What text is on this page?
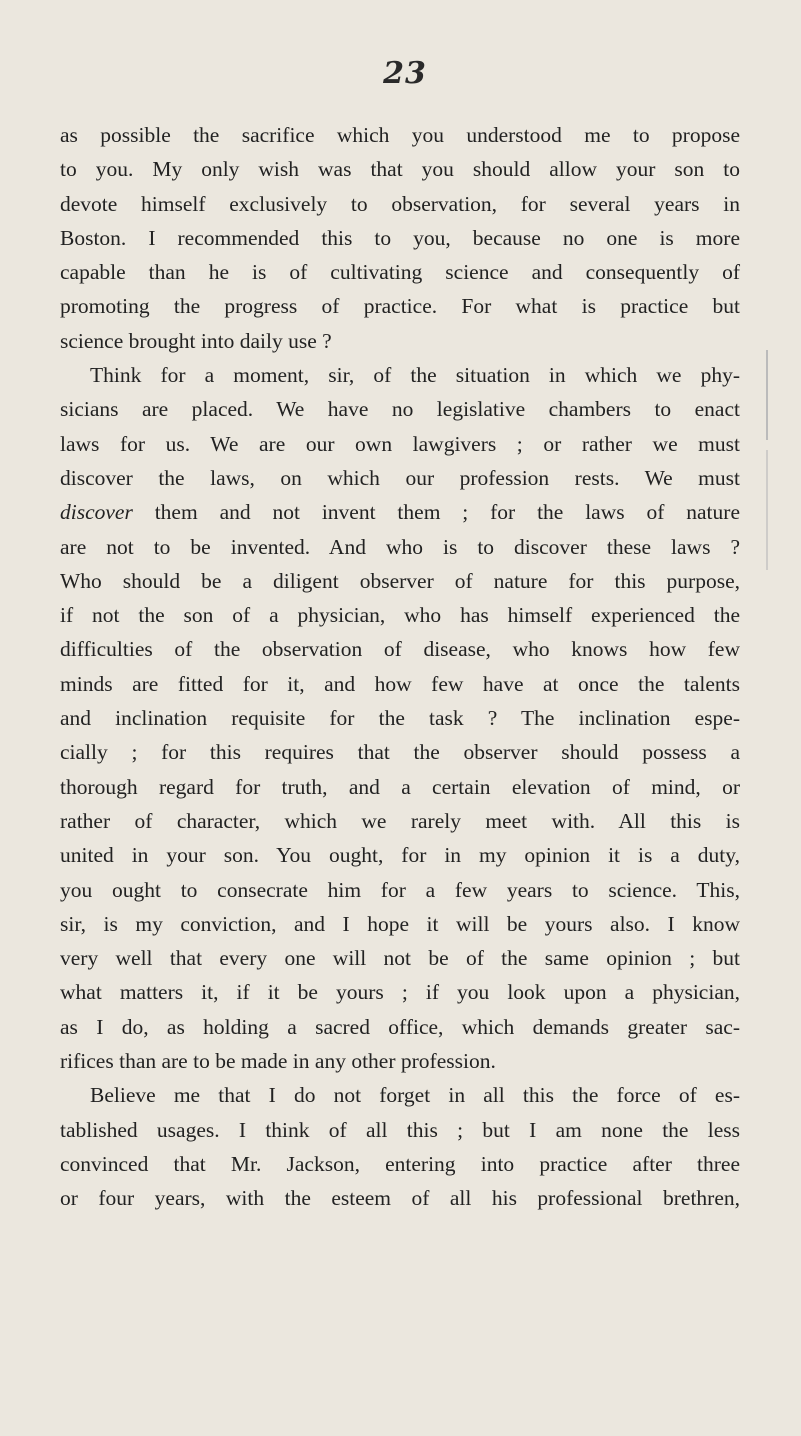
23
as possible the sacrifice which you understood me to propose
to you. My only wish was that you should allow your son to
devote himself exclusively to observation, for several years in
Boston. I recommended this to you, because no one is more
capable than he is of cultivating science and consequently of
promoting the progress of practice. For what is practice but
science brought into daily use ?
Think for a moment, sir, of the situation in which we phy-
sicians are placed. We have no legislative chambers to enact
laws for us. We are our own lawgivers ; or rather we must
discover the laws, on which our profession rests. We must
discover them and not invent them ; for the laws of nature
are not to be invented. And who is to discover these laws ?
Who should be a diligent observer of nature for this purpose,
if not the son of a physician, who has himself experienced the
difficulties of the observation of disease, who knows how few
minds are fitted for it, and how few have at once the talents
and inclination requisite for the task ? The inclination espe-
cially ; for this requires that the observer should possess a
thorough regard for truth, and a certain elevation of mind, or
rather of character, which we rarely meet with. All this is
united in your son. You ought, for in my opinion it is a duty,
you ought to consecrate him for a few years to science. This,
sir, is my conviction, and I hope it will be yours also. I know
very well that every one will not be of the same opinion ; but
what matters it, if it be yours ; if you look upon a physician,
as I do, as holding a sacred office, which demands greater sac-
rifices than are to be made in any other profession.
Believe me that I do not forget in all this the force of es-
tablished usages. I think of all this ; but I am none the less
convinced that Mr. Jackson, entering into practice after three
or four years, with the esteem of all his professional brethren,
